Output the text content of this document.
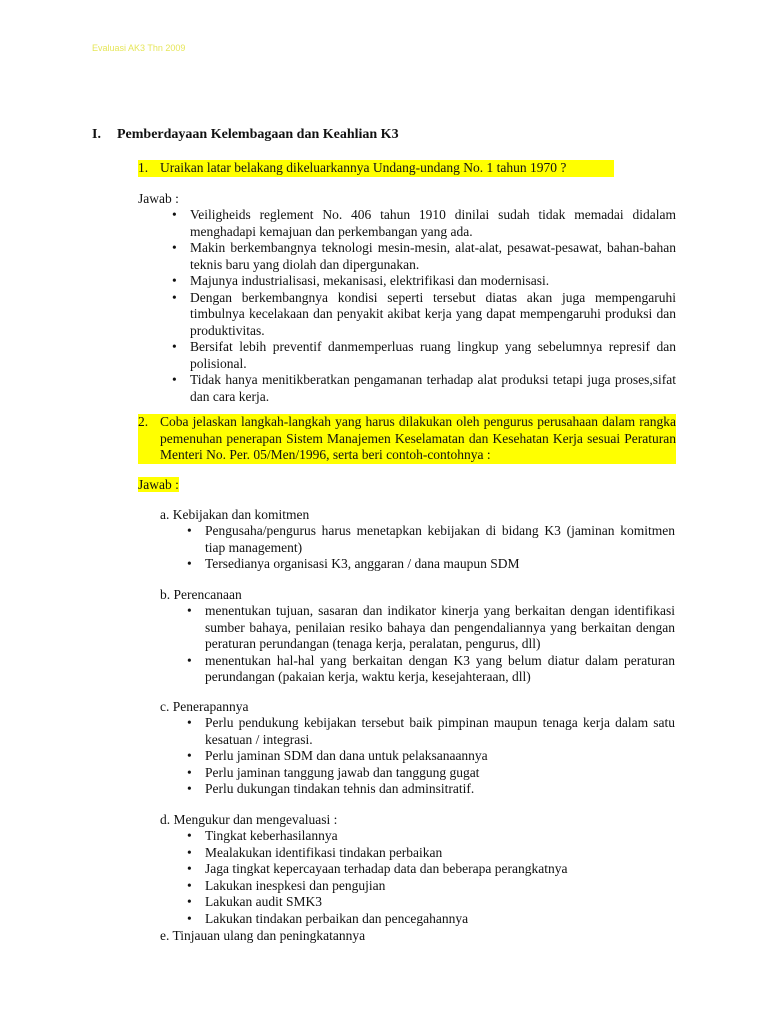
Evaluasi AK3 Thn 2009
I. Pemberdayaan Kelembagaan dan Keahlian K3
1. Uraikan latar belakang dikeluarkannya Undang-undang No. 1 tahun 1970 ?
Jawab :
• Veiligheids reglement No. 406 tahun 1910 dinilai sudah tidak memadai didalam menghadapi kemajuan dan perkembangan yang ada.
• Makin berkembangnya teknologi mesin-mesin, alat-alat, pesawat-pesawat, bahan-bahan teknis baru yang diolah dan dipergunakan.
• Majunya industrialisasi, mekanisasi, elektrifikasi dan modernisasi.
• Dengan berkembangnya kondisi seperti tersebut diatas akan juga mempengaruhi timbulnya kecelakaan dan penyakit akibat kerja yang dapat mempengaruhi produksi dan produktivitas.
• Bersifat lebih preventif danmemperluas ruang lingkup yang sebelumnya represif dan polisional.
• Tidak hanya menitikberatkan pengamanan terhadap alat produksi tetapi juga proses,sifat dan cara kerja.
2. Coba jelaskan langkah-langkah yang harus dilakukan oleh pengurus perusahaan dalam rangka pemenuhan penerapan Sistem Manajemen Keselamatan dan Kesehatan Kerja sesuai Peraturan Menteri No. Per. 05/Men/1996, serta beri contoh-contohnya :
Jawab :
a. Kebijakan dan komitmen
• Pengusaha/pengurus harus menetapkan kebijakan di bidang K3 (jaminan komitmen tiap management)
• Tersedianya organisasi K3, anggaran / dana maupun SDM
b. Perencanaan
• menentukan tujuan, sasaran dan indikator kinerja yang berkaitan dengan identifikasi sumber bahaya, penilaian resiko bahaya dan pengendaliannya yang berkaitan dengan peraturan perundangan (tenaga kerja, peralatan, pengurus, dll)
• menentukan hal-hal yang berkaitan dengan K3 yang belum diatur dalam peraturan perundangan (pakaian kerja, waktu kerja, kesejahteraan, dll)
c. Penerapannya
• Perlu pendukung kebijakan tersebut baik pimpinan maupun tenaga kerja dalam satu kesatuan / integrasi.
• Perlu jaminan SDM dan dana untuk pelaksanaannya
• Perlu jaminan tanggung jawab dan tanggung gugat
• Perlu dukungan tindakan tehnis dan adminsitratif.
d. Mengukur dan mengevaluasi :
• Tingkat keberhasilannya
• Mealakukan identifikasi tindakan perbaikan
• Jaga tingkat kepercayaan terhadap data dan beberapa perangkatnya
• Lakukan inespkesi dan pengujian
• Lakukan audit SMK3
• Lakukan tindakan perbaikan dan pencegahannya
e. Tinjauan ulang dan peningkatannya
